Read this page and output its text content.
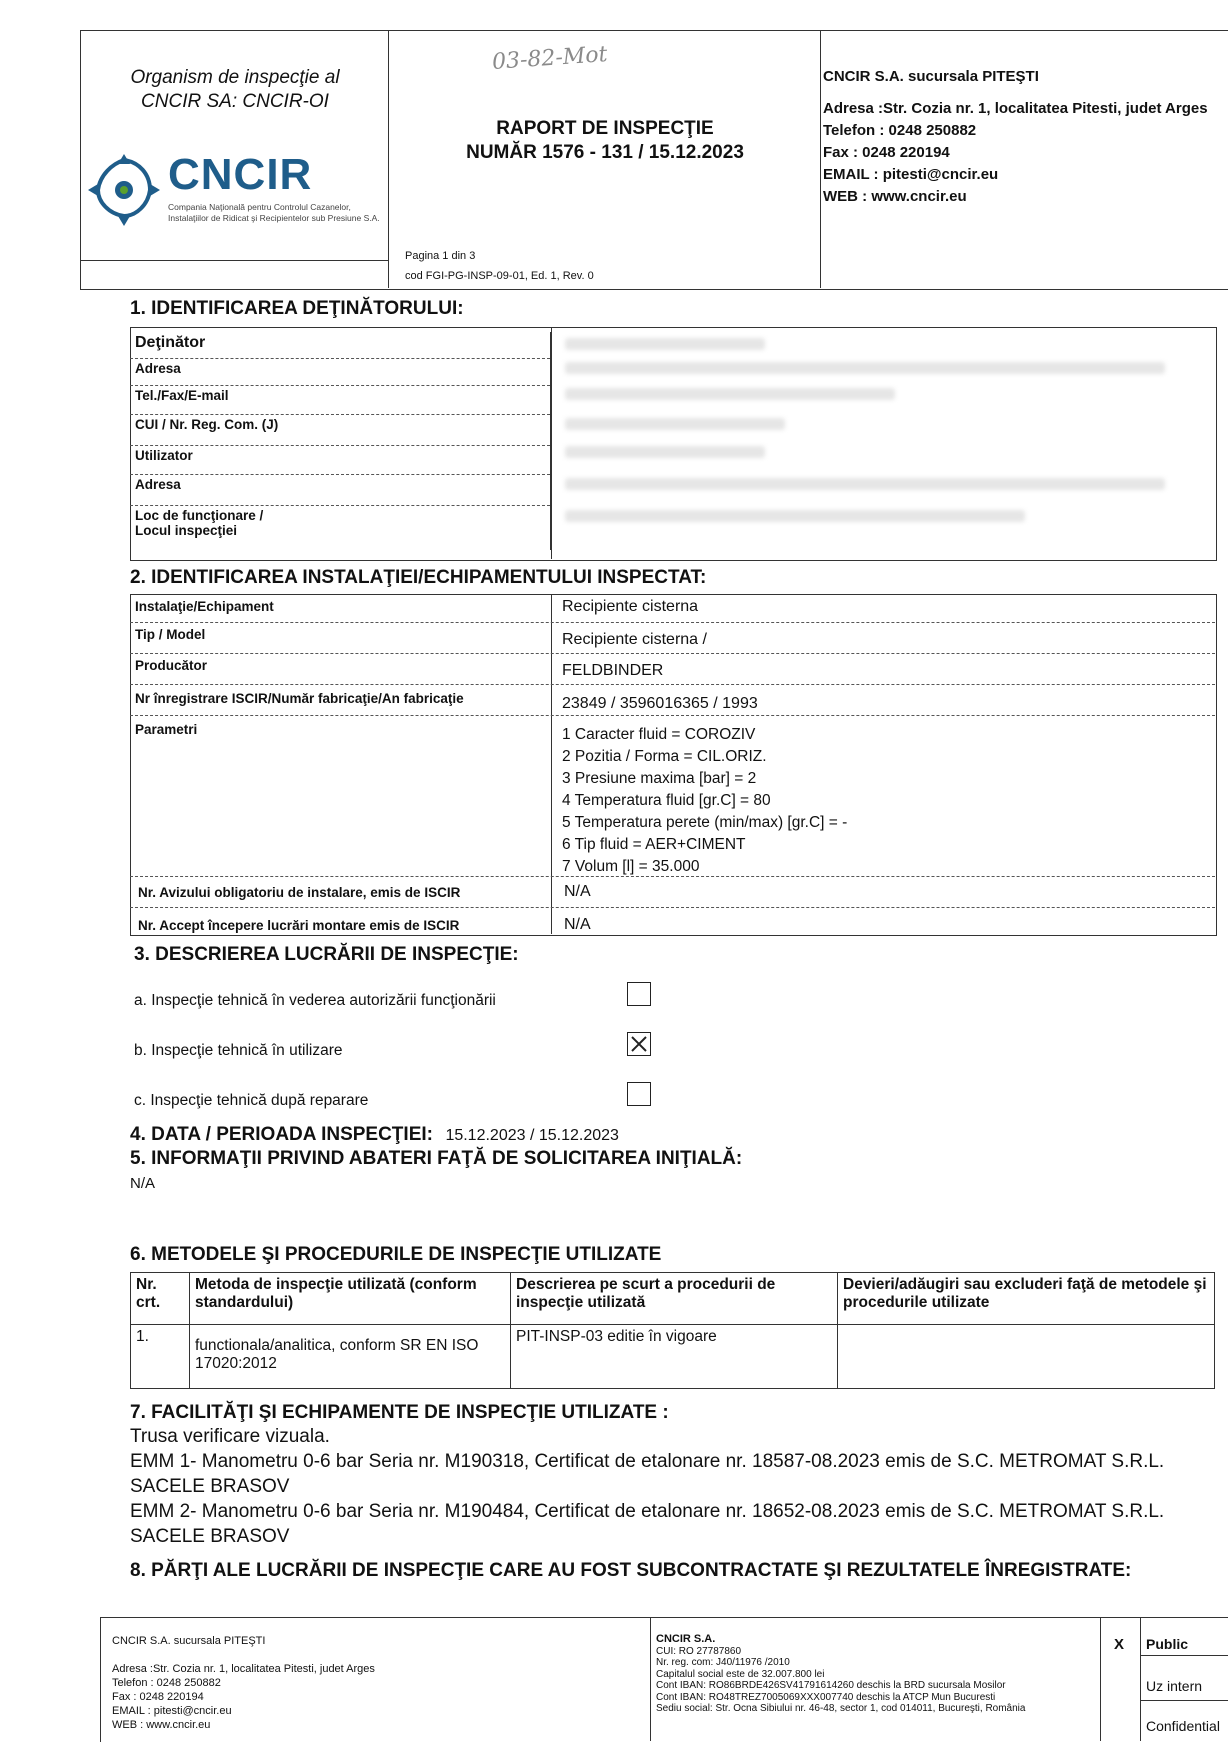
Organism de inspecţie al
CNCIR SA: CNCIR-OI
CNCIR
Compania Naţională pentru Controlul Cazanelor,
Instalaţiilor de Ridicat şi Recipientelor sub Presiune S.A.
03-82-Mot
RAPORT DE INSPECŢIE
NUMĂR 1576 - 131 / 15.12.2023
Pagina 1 din 3
cod FGI-PG-INSP-09-01, Ed. 1, Rev. 0
CNCIR S.A. sucursala PITEŞTI
Adresa :Str. Cozia nr. 1, localitatea Pitesti, judet Arges
Telefon : 0248 250882
Fax : 0248 220194
EMAIL : pitesti@cncir.eu
WEB : www.cncir.eu
1. IDENTIFICAREA DEŢINĂTORULUI:
Deţinător
Adresa
Tel./Fax/E-mail
CUI / Nr. Reg. Com. (J)
Utilizator
Adresa

Loc de funcţionare /
Locul inspecţiei
2. IDENTIFICAREA INSTALAŢIEI/ECHIPAMENTULUI INSPECTAT:
Instalaţie/Echipament	Recipiente cisterna
Tip / Model	Recipiente cisterna /
Producător	FELDBINDER
Nr înregistrare ISCIR/Număr fabricaţie/An fabricaţie	23849 / 3596016365 / 1993
Parametri	1 Caracter fluid = COROZIV
2 Pozitia / Forma = CIL.ORIZ.
3 Presiune maxima [bar] = 2
4 Temperatura fluid [gr.C] = 80
5 Temperatura perete (min/max) [gr.C] = -
6 Tip fluid = AER+CIMENT
7 Volum [l] = 35.000
Nr. Avizului obligatoriu de instalare, emis de ISCIR	N/A
Nr. Accept începere lucrări montare emis de ISCIR	N/A
3. DESCRIEREA LUCRĂRII DE INSPECŢIE:
a. Inspecţie tehnică în vederea autorizării funcţionării
b. Inspecţie tehnică în utilizare
c. Inspecţie tehnică după reparare
4. DATA / PERIOADA INSPECŢIEI: 15.12.2023 / 15.12.2023
5. INFORMAŢII PRIVIND ABATERI FAŢĂ DE SOLICITAREA INIŢIALĂ:
N/A
6. METODELE ŞI PROCEDURILE DE INSPECŢIE UTILIZATE
Nr. crt.	Metoda de inspecţie utilizată (conform standardului)	Descrierea pe scurt a procedurii de inspecţie utilizată	Devieri/adăugiri sau excluderi faţă de metodele şi procedurile utilizate
1.	functionala/analitica, conform SR EN ISO 17020:2012	PIT-INSP-03 editie în vigoare	
7. FACILITĂŢI ŞI ECHIPAMENTE DE INSPECŢIE UTILIZATE :
Trusa verificare vizuala.
EMM 1- Manometru 0-6 bar Seria nr. M190318, Certificat de etalonare nr. 18587-08.2023 emis de S.C. METROMAT S.R.L. SACELE BRASOV
EMM 2- Manometru 0-6 bar Seria nr. M190484, Certificat de etalonare nr. 18652-08.2023 emis de S.C. METROMAT S.R.L. SACELE BRASOV
8. PĂRŢI ALE LUCRĂRII DE INSPECŢIE CARE AU FOST SUBCONTRACTATE ŞI REZULTATELE ÎNREGISTRATE:
CNCIR S.A. sucursala PITEŞTI
Adresa :Str. Cozia nr. 1, localitatea Pitesti, judet Arges
Telefon : 0248 250882
Fax : 0248 220194
EMAIL : pitesti@cncir.eu
WEB : www.cncir.eu
CNCIR S.A.
CUI: RO 27787860
Nr. reg. com: J40/11976 /2010
Capitalul social este de 32.007.800 lei
Cont IBAN: RO86BRDE426SV41791614260 deschis la BRD sucursala Mosilor
Cont IBAN: RO48TREZ7005069XXX007740 deschis la ATCP Mun Bucuresti
Sediu social: Str. Ocna Sibiului nr. 46-48, sector 1, cod 014011, Bucureşti, România
X Public
Uz intern
Confidential
